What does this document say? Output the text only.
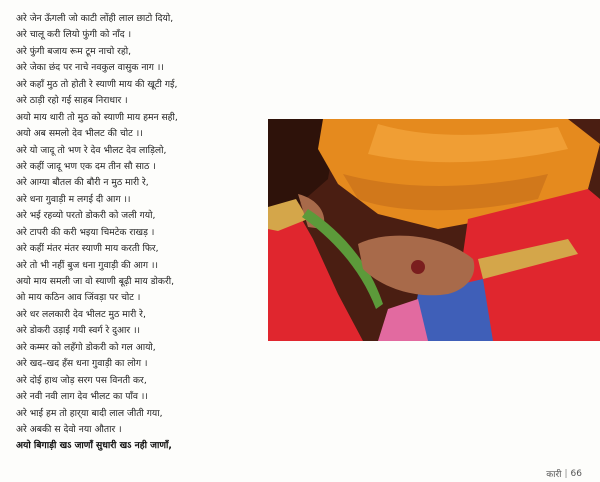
अरे जेन ऊँगली जो काटी लोंही लाल छाटो दियो,
अरे चालू करी लियो फुंगी को नाँद ।
अरे फुंगी बजाय रूम टूम नाचो रहो,
अरे जेका छंद पर नाचे नवकुल वासुक नाग ।।
अरे कहाँ मुठ तो होती रे स्याणी माय की खूटी गई,
अरे ठाड़ी रहो गई साहब निराधार ।
अयो माय थारी तो मुठ को स्याणी माय हमन सही,
अयो अब समलो देव भीलट की चोट ।।
अरे यो जादू तो भण रे देव भीलट देव लाड़िलो,
अरे कहीं जादू भण एक दम तीन सौ साठ ।
अरे आग्या बौतल की बौरी न मुठ मारी रे,
अरे धना गुवाड़ी म लगई दी आग ।।
अरे भई रहव्यो परतो डोकरी को जली गयो,
अरे टापरी की करी भइया चिमटेक राखड़ ।
अरे कहीं मंतर मंतर स्याणी माय करती फिर,
अरे तो भी नहीं बुज धना गुवाड़ी की आग ।।
अयो माय समली जा वो स्याणी बूढ़ी माय डोकरी,
ओ माय कठिन आव जिंवड़ा पर चोट ।
अरे धर ललकारी देव भीलट मुठ मारी रे,
अरे डोकरी उड़ाई गयी स्वर्ग रे दुआर ।।
अरे कम्मर को लहँगो डोकरी को गल आयो,
अरे खद–खद हँस धना गुवाड़ी का लोग ।
अरे दोई हाथ जोड़ सरग पस विनती कर,
अरे नवी नवी लाग देव भीलट का पाँव ।।
अरे भाई हम तो हार्‌या बादी लाल जीती गया,
अरे अबकी स देवो नया औतार ।
अयो बिगाड़ी खऽ जाणाँ सुधारी खऽ नही जाणाँ,
कारी | 66
